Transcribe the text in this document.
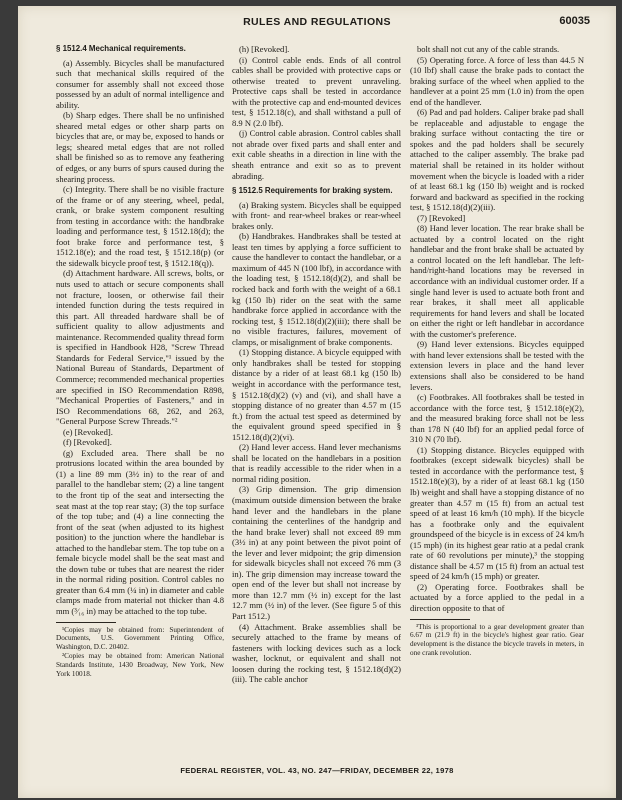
RULES AND REGULATIONS	60035

§ 1512.4 Mechanical requirements.

(a) Assembly. Bicycles shall be manufactured such that mechanical skills required of the consumer for assembly shall not exceed those possessed by an adult of normal intelligence and ability.

(b) Sharp edges. There shall be no unfinished sheared metal edges or other sharp parts on bicycles that are, or may be, exposed to hands or legs; sheared metal edges that are not rolled shall be finished so as to remove any feathering of edges, or any burrs of spurs caused during the shearing process.

(c) Integrity. There shall be no visible fracture of the frame or of any steering, wheel, pedal, crank, or brake system component resulting from testing in accordance with: the handbrake loading and performance test, § 1512.18(d); the foot brake force and performance test, § 1512.18(e); and the road test, § 1512.18(p) (or the sidewalk bicycle proof test, § 1512.18(q)).

(d) Attachment hardware. All screws, bolts, or nuts used to attach or secure components shall not fracture, loosen, or otherwise fail their intended function during the tests required in this part. All threaded hardware shall be of sufficient quality to allow adjustments and maintenance. Recommended quality thread form is specified in Handbook H28, "Screw Thread Standards for Federal Service,"¹ issued by the National Bureau of Standards, Department of Commerce; recommended mechanical properties are specified in ISO Recommendation R898, "Mechanical Properties of Fasteners," and in ISO Recommendations 68, 262, and 263, "General Purpose Screw Threads."²

(e) [Revoked].

(f) [Revoked].

(g) Excluded area. There shall be no protrusions located within the area bounded by (1) a line 89 mm (3½ in) to the rear of and parallel to the handlebar stem; (2) a line tangent to the front tip of the seat and intersecting the seat mast at the top rear stay; (3) the top surface of the top tube; and (4) a line connecting the front of the seat (when adjusted to its highest position) to the junction where the handlebar is attached to the handlebar stem. The top tube on a female bicycle model shall be the seat mast and the down tube or tubes that are nearest the rider in the normal riding position. Control cables no greater than 6.4 mm (¼ in) in diameter and cable clamps made from material not thicker than 4.8 mm (³⁄₁₆ in) may be attached to the top tube.

¹Copies may be obtained from: Superintendent of Documents, U.S. Government Printing Office, Washington, D.C. 20402.

²Copies may be obtained from: American National Standards Institute, 1430 Broadway, New York, New York 10018.

(h) [Revoked].

(i) Control cable ends. Ends of all control cables shall be provided with protective caps or otherwise treated to prevent unraveling. Protective caps shall be tested in accordance with the protective cap and end-mounted devices test, § 1512.18(c), and shall withstand a pull of 8.9 N (2.0 lbf).

(j) Control cable abrasion. Control cables shall not abrade over fixed parts and shall enter and exit cable sheaths in a direction in line with the sheath entrance and exit so as to prevent abrading.

§ 1512.5 Requirements for braking system.

(a) Braking system. Bicycles shall be equipped with front- and rear-wheel brakes or rear-wheel brakes only.

(b) Handbrakes. Handbrakes shall be tested at least ten times by applying a force sufficient to cause the handlever to contact the handlebar, or a maximum of 445 N (100 lbf), in accordance with the loading test, § 1512.18(d)(2), and shall be rocked back and forth with the weight of a 68.1 kg (150 lb) rider on the seat with the same handbrake force applied in accordance with the rocking test, § 1512.18(d)(2)(iii); there shall be no visible fractures, failures, movement of clamps, or misalignment of brake components.

(1) Stopping distance. A bicycle equipped with only handbrakes shall be tested for stopping distance by a rider of at least 68.1 kg (150 lb) weight in accordance with the performance test, § 1512.18(d)(2) (v) and (vi), and shall have a stopping distance of no greater than 4.57 m (15 ft.) from the actual test speed as determined by the equivalent ground speed specified in § 1512.18(d)(2)(vi).

(2) Hand lever access. Hand lever mechanisms shall be located on the handlebars in a position that is readily accessible to the rider when in a normal riding position.

(3) Grip dimension. The grip dimension (maximum outside dimension between the brake hand lever and the handlebars in the plane containing the centerlines of the handgrip and the hand brake lever) shall not exceed 89 mm (3½ in) at any point between the pivot point of the lever and lever midpoint; the grip dimension for sidewalk bicycles shall not exceed 76 mm (3 in). The grip dimension may increase toward the open end of the lever but shall not increase by more than 12.7 mm (½ in) except for the last 12.7 mm (½ in) of the lever. (See figure 5 of this Part 1512.)

(4) Attachment. Brake assemblies shall be securely attached to the frame by means of fasteners with locking devices such as a lock washer, locknut, or equivalent and shall not loosen during the rocking test, § 1512.18(d)(2)(iii). The cable anchor

bolt shall not cut any of the cable strands.

(5) Operating force. A force of less than 44.5 N (10 lbf) shall cause the brake pads to contact the braking surface of the wheel when applied to the handlever at a point 25 mm (1.0 in) from the open end of the handlever.

(6) Pad and pad holders. Caliper brake pad shall be replaceable and adjustable to engage the braking surface without contacting the tire or spokes and the pad holders shall be securely attached to the caliper assembly. The brake pad material shall be retained in its holder without movement when the bicycle is loaded with a rider of at least 68.1 kg (150 lb) weight and is rocked forward and backward as specified in the rocking test, § 1512.18(d)(2)(iii).

(7) [Revoked]

(8) Hand lever location. The rear brake shall be actuated by a control located on the right handlebar and the front brake shall be actuated by a control located on the left handlebar. The left-hand/right-hand locations may be reversed in accordance with an individual customer order. If a single hand lever is used to actuate both front and rear brakes, it shall meet all applicable requirements for hand levers and shall be located on either the right or left handlebar in accordance with the customer's preference.

(9) Hand lever extensions. Bicycles equipped with hand lever extensions shall be tested with the extension levers in place and the hand lever extensions shall also be considered to be hand levers.

(c) Footbrakes. All footbrakes shall be tested in accordance with the force test, § 1512.18(e)(2), and the measured braking force shall not be less than 178 N (40 lbf) for an applied pedal force of 310 N (70 lbf).

(1) Stopping distance. Bicycles equipped with footbrakes (except sidewalk bicycles) shall be tested in accordance with the performance test, § 1512.18(e)(3), by a rider of at least 68.1 kg (150 lb) weight and shall have a stopping distance of no greater than 4.57 m (15 ft) from an actual test speed of at least 16 km/h (10 mph). If the bicycle has a footbrake only and the equivalent groundspeed of the bicycle is in excess of 24 km/h (15 mph) (in its highest gear ratio at a pedal crank rate of 60 revolutions per minute),³ the stopping distance shall be 4.57 m (15 ft) from an actual test speed of 24 km/h (15 mph) or greater.

(2) Operating force. Footbrakes shall be actuated by a force applied to the pedal in a direction opposite to that of

³This is proportional to a gear development greater than 6.67 m (21.9 ft) in the bicycle's highest gear ratio. Gear development is the distance the bicycle travels in meters, in one crank revolution.

FEDERAL REGISTER, VOL. 43, NO. 247—FRIDAY, DECEMBER 22, 1978
